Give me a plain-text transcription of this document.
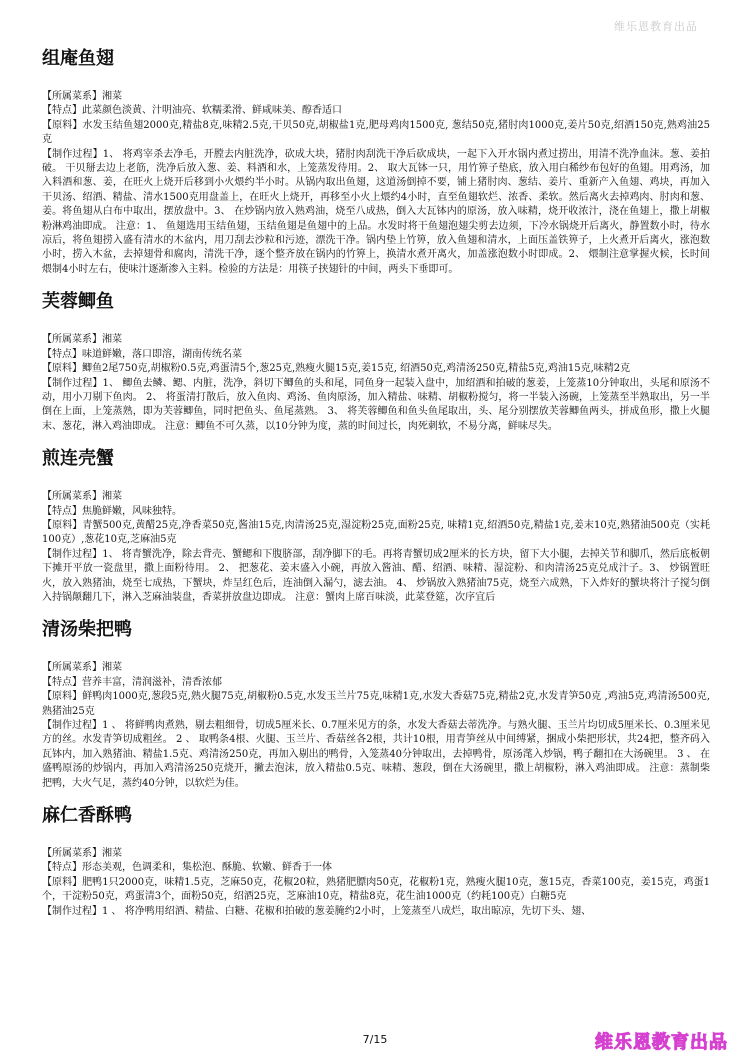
维乐恩教育出品
组庵鱼翅

【所属菜系】湘菜

【特点】此菜颜色淡黄、汁明油亮、软糯柔滑、鲜咸味美、醇香适口

【原料】水发玉结鱼翅2000克,精盐8克,味精2.5克,干贝50克,胡椒盐1克,肥母鸡肉1500克, 葱结50克,猪肘肉1000克,姜片50克,绍酒150克,熟鸡油25克

【制作过程】1、 将鸡宰杀去净毛，开膛去内脏洗净，砍成大块，猪肘肉刮洗干净后砍成块，一起下入开水锅内煮过捞出，用清不洗净血沫。葱、姜拍破。 干贝掰去边上老筋，洗净后放入葱、姜、料酒和水，上笼蒸发待用。2、 取大瓦钵一只，用竹箅子垫底，放入用白稀纱布包好的鱼翅。用鸡汤，加入料酒和葱、姜，在旺火上烧开后移到小火煨约半小时。从锅内取出鱼翅，这道汤倒掉不要，铺上猪肘肉、葱结、姜片、重新产入鱼翅、鸡块，再加入干贝汤、绍酒、精盐、清水1500克用盘盖上，在旺火上烧开，再移至小火上煨约4小时，直至鱼翅软烂、浓香、柔软。然后离火去掉鸡肉、肘肉和葱、姜。将鱼翅从白布中取出，摆放盘中。3、 在炒锅内放入熟鸡油，烧至八成热，倒入大瓦钵内的原汤，放入味精，烧开收浓汁，浇在鱼翅上，撒上胡椒粉淋鸡油即成。 注意：1、 鱼翅选用玉结鱼翅，玉结鱼翅是鱼翅中的上品。水发时将干鱼翅泡翅尖剪去边须，下冷水锅烧开后离火，静置数小时，待水凉后，将鱼翅捞入盛有清水的木盆内，用刀刮去沙粒和污迹，漂洗干净。锅内垫上竹箅，放入鱼翅和清水，上面压盖铁箅子，上火煮开后离火，涨泡数小时，捞入木盆，去掉翅骨和腐肉，清洗干净，逐个整齐放在锅内的竹箅上，换清水煮开离火，加盖涨泡数小时即成。2、 煨制注意掌握火候，长时间煨制4小时左右，使味汁逐渐渗入主料。检验的方法是：用筷子挟翅针的中间，两头下垂即可。

芙蓉鲫鱼

【所属菜系】湘菜

【特点】味道鲜嫩，落口即溶，湖南传统名菜

【原料】鲫鱼2尾750克,胡椒粉0.5克,鸡蛋清5个,葱25克,熟瘦火腿15克,姜15克, 绍酒50克,鸡清汤250克,精盐5克,鸡油15克,味精2克

【制作过程】1、 鲫鱼去鳞、鳃、内脏，洗净，斜切下鲫鱼的头和尾，同鱼身一起装入盘中，加绍酒和拍破的葱姜，上笼蒸10分钟取出，头尾和原汤不动，用小刀剔下鱼肉。 2、 将蛋清打散后，放入鱼肉、鸡汤、鱼肉原汤，加入精盐、味精、胡椒粉搅匀，将一半装入汤碗，上笼蒸至半熟取出，另一半倒在上面，上笼蒸熟，即为芙蓉鲫鱼，同时把鱼头、鱼尾蒸熟。 3、 将芙蓉鲫鱼和鱼头鱼尾取出，头、尾分别摆放芙蓉鲫鱼两头，拼成鱼形，撒上火腿末、葱花，淋入鸡油即成。 注意：鲫鱼不可久蒸，以10分钟为度，蒸的时间过长，肉死刺软，不易分离，鲜味尽失。

煎连壳蟹

【所属菜系】湘菜

【特点】焦脆鲜嫩，风味独特。

【原料】青蟹500克,黄醋25克,净香菜50克,酱油15克,肉清汤25克,湿淀粉25克,面粉25克, 味精1克,绍酒50克,精盐1克,姜末10克,熟猪油500克（实耗100克）,葱花10克,芝麻油5克

【制作过程】1、 将青蟹洗净，除去背壳、蟹鳃和下腹脐部，刮净脚下的毛。再将青蟹切成2厘米的长方块，留下大小腿，去掉关节和脚爪，然后底板朝下摊开平放一瓷盘里，撒上面粉待用。 2、 把葱花、姜末盛入小碗，再放入酱油、醋、绍酒、味精、湿淀粉、和肉清汤25克兑成汁子。3、 炒锅置旺火，放入熟猪油，烧至七成热，下蟹块，炸呈红色后，连油倒入漏勺，滤去油。 4、 炒锅放入熟猪油75克，烧至六成熟，下入炸好的蟹块将汁子搅匀倒入持锅颠翻几下，淋入芝麻油装盘，香菜拼放盘边即成。 注意：蟹肉上席百味淡，此菜登筵，次序宜后

清汤柴把鸭

【所属菜系】湘菜

【特点】营养丰富，清润滋补，清香浓郁

【原料】鲜鸭肉1000克,葱段5克,熟火腿75克,胡椒粉0.5克,水发玉兰片75克,味精1克,水发大香菇75克,精盐2克,水发青笋50克 ,鸡油5克,鸡清汤500克,熟猪油25克

【制作过程】1 、 将鲜鸭肉煮熟，剔去粗细骨，切成5厘米长、0.7厘米见方的条，水发大香菇去蒂洗净。与熟火腿、玉兰片均切成5厘米长、0.3厘米见方的丝。水发青笋切成粗丝。 2 、 取鸭条4根、火腿、玉兰片、香菇丝各2根，共计10根，用青笋丝从中间缚紧，捆成小柴把形状，共24把，整齐码入瓦钵内，加入熟猪油、精盐1.5克、鸡清汤250克，再加入剔出的鸭骨，入笼蒸40分钟取出，去掉鸭骨，原汤滗入炒锅，鸭子翻扣在大汤碗里。 3 、 在盛鸭原汤的炒锅内，再加入鸡清汤250克烧开，撇去泡沫，放入精盐0.5克、味精、葱段，倒在大汤碗里，撒上胡椒粉，淋入鸡油即成。 注意：蒸制柴把鸭，大火气足，蒸约40分钟，以软烂为佳。

麻仁香酥鸭

【所属菜系】湘菜

【特点】形态美观，色调柔和，集松泡、酥脆、软嫩、鲜香于一体

【原料】肥鸭1只2000克，味精1.5克，芝麻50克，花椒20粒，熟猪肥膘肉50克，花椒粉1克，熟瘦火腿10克，葱15克，香菜100克，姜15克，鸡蛋1个，干淀粉50克，鸡蛋清3个，面粉50克，绍酒25克，芝麻油10克，精盐8克，花生油1000克（约耗100克）白糖5克

【制作过程】1 、 将净鸭用绍酒、精盐、白糖、花椒和拍破的葱姜腌约2小时，上笼蒸至八成烂，取出晾凉，先切下头、翅、

7/15	维乐恩教育出品
